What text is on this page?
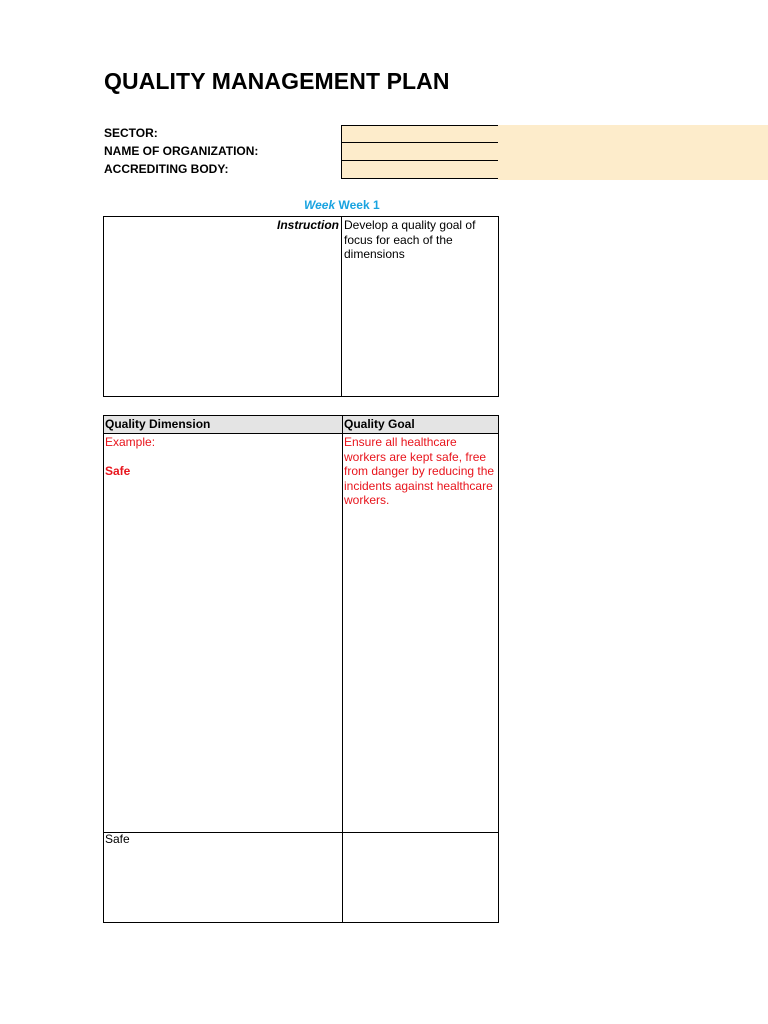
QUALITY MANAGEMENT PLAN
SECTOR:
NAME OF ORGANIZATION:
ACCREDITING BODY:
Week Week 1
Instruction Develop a quality goal of focus for each of the dimensions
Quality Dimension	Quality Goal
Example:
Safe
Ensure all healthcare workers are kept safe, free from danger by reducing the incidents against healthcare workers.
Safe
